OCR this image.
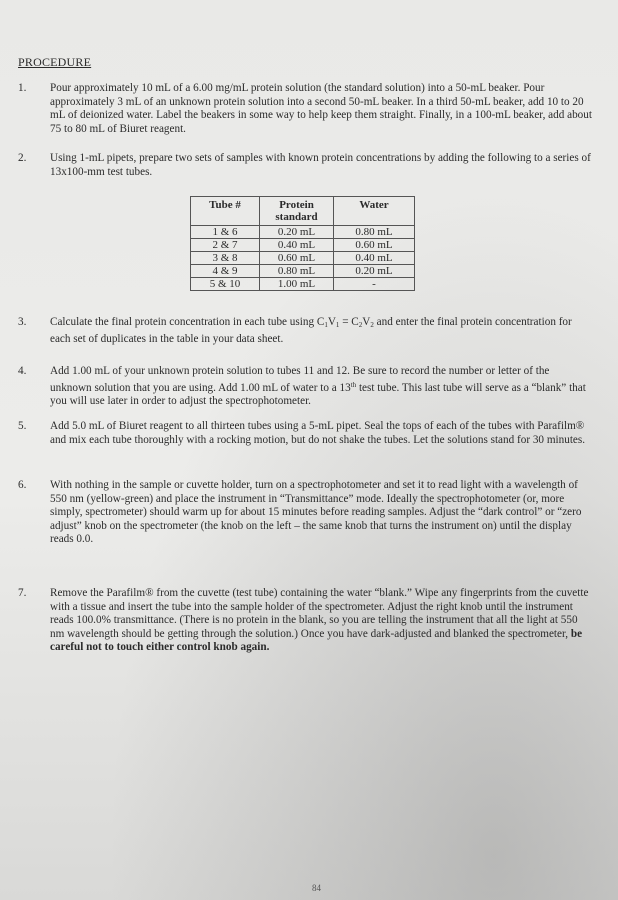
PROCEDURE
1.	Pour approximately 10 mL of a 6.00 mg/mL protein solution (the standard solution) into a 50-mL beaker. Pour approximately 3 mL of an unknown protein solution into a second 50-mL beaker. In a third 50-mL beaker, add 10 to 20 mL of deionized water. Label the beakers in some way to help keep them straight. Finally, in a 100-mL beaker, add about 75 to 80 mL of Biuret reagent.
2.	Using 1-mL pipets, prepare two sets of samples with known protein concentrations by adding the following to a series of 13x100-mm test tubes.
Tube #	Protein standard	Water
1 & 6	0.20 mL	0.80 mL
2 & 7	0.40 mL	0.60 mL
3 & 8	0.60 mL	0.40 mL
4 & 9	0.80 mL	0.20 mL
5 & 10	1.00 mL	-
3.	Calculate the final protein concentration in each tube using $C_1V_1 = C_2V_2$ and enter the final protein concentration for each set of duplicates in the table in your data sheet.
4.	Add 1.00 mL of your unknown protein solution to tubes 11 and 12. Be sure to record the number or letter of the unknown solution that you are using. Add 1.00 mL of water to a 13th test tube. This last tube will serve as a “blank” that you will use later in order to adjust the spectrophotometer.
5.	Add 5.0 mL of Biuret reagent to all thirteen tubes using a 5-mL pipet. Seal the tops of each of the tubes with Parafilm® and mix each tube thoroughly with a rocking motion, but do not shake the tubes. Let the solutions stand for 30 minutes.
6.	With nothing in the sample or cuvette holder, turn on a spectrophotometer and set it to read light with a wavelength of 550 nm (yellow-green) and place the instrument in “Transmittance” mode. Ideally the spectrophotometer (or, more simply, spectrometer) should warm up for about 15 minutes before reading samples. Adjust the “dark control” or “zero adjust” knob on the spectrometer (the knob on the left – the same knob that turns the instrument on) until the display reads 0.0.
7.	Remove the Parafilm® from the cuvette (test tube) containing the water “blank.” Wipe any fingerprints from the cuvette with a tissue and insert the tube into the sample holder of the spectrometer. Adjust the right knob until the instrument reads 100.0% transmittance. (There is no protein in the blank, so you are telling the instrument that all the light at 550 nm wavelength should be getting through the solution.) Once you have dark-adjusted and blanked the spectrometer, be careful not to touch either control knob again.
84
